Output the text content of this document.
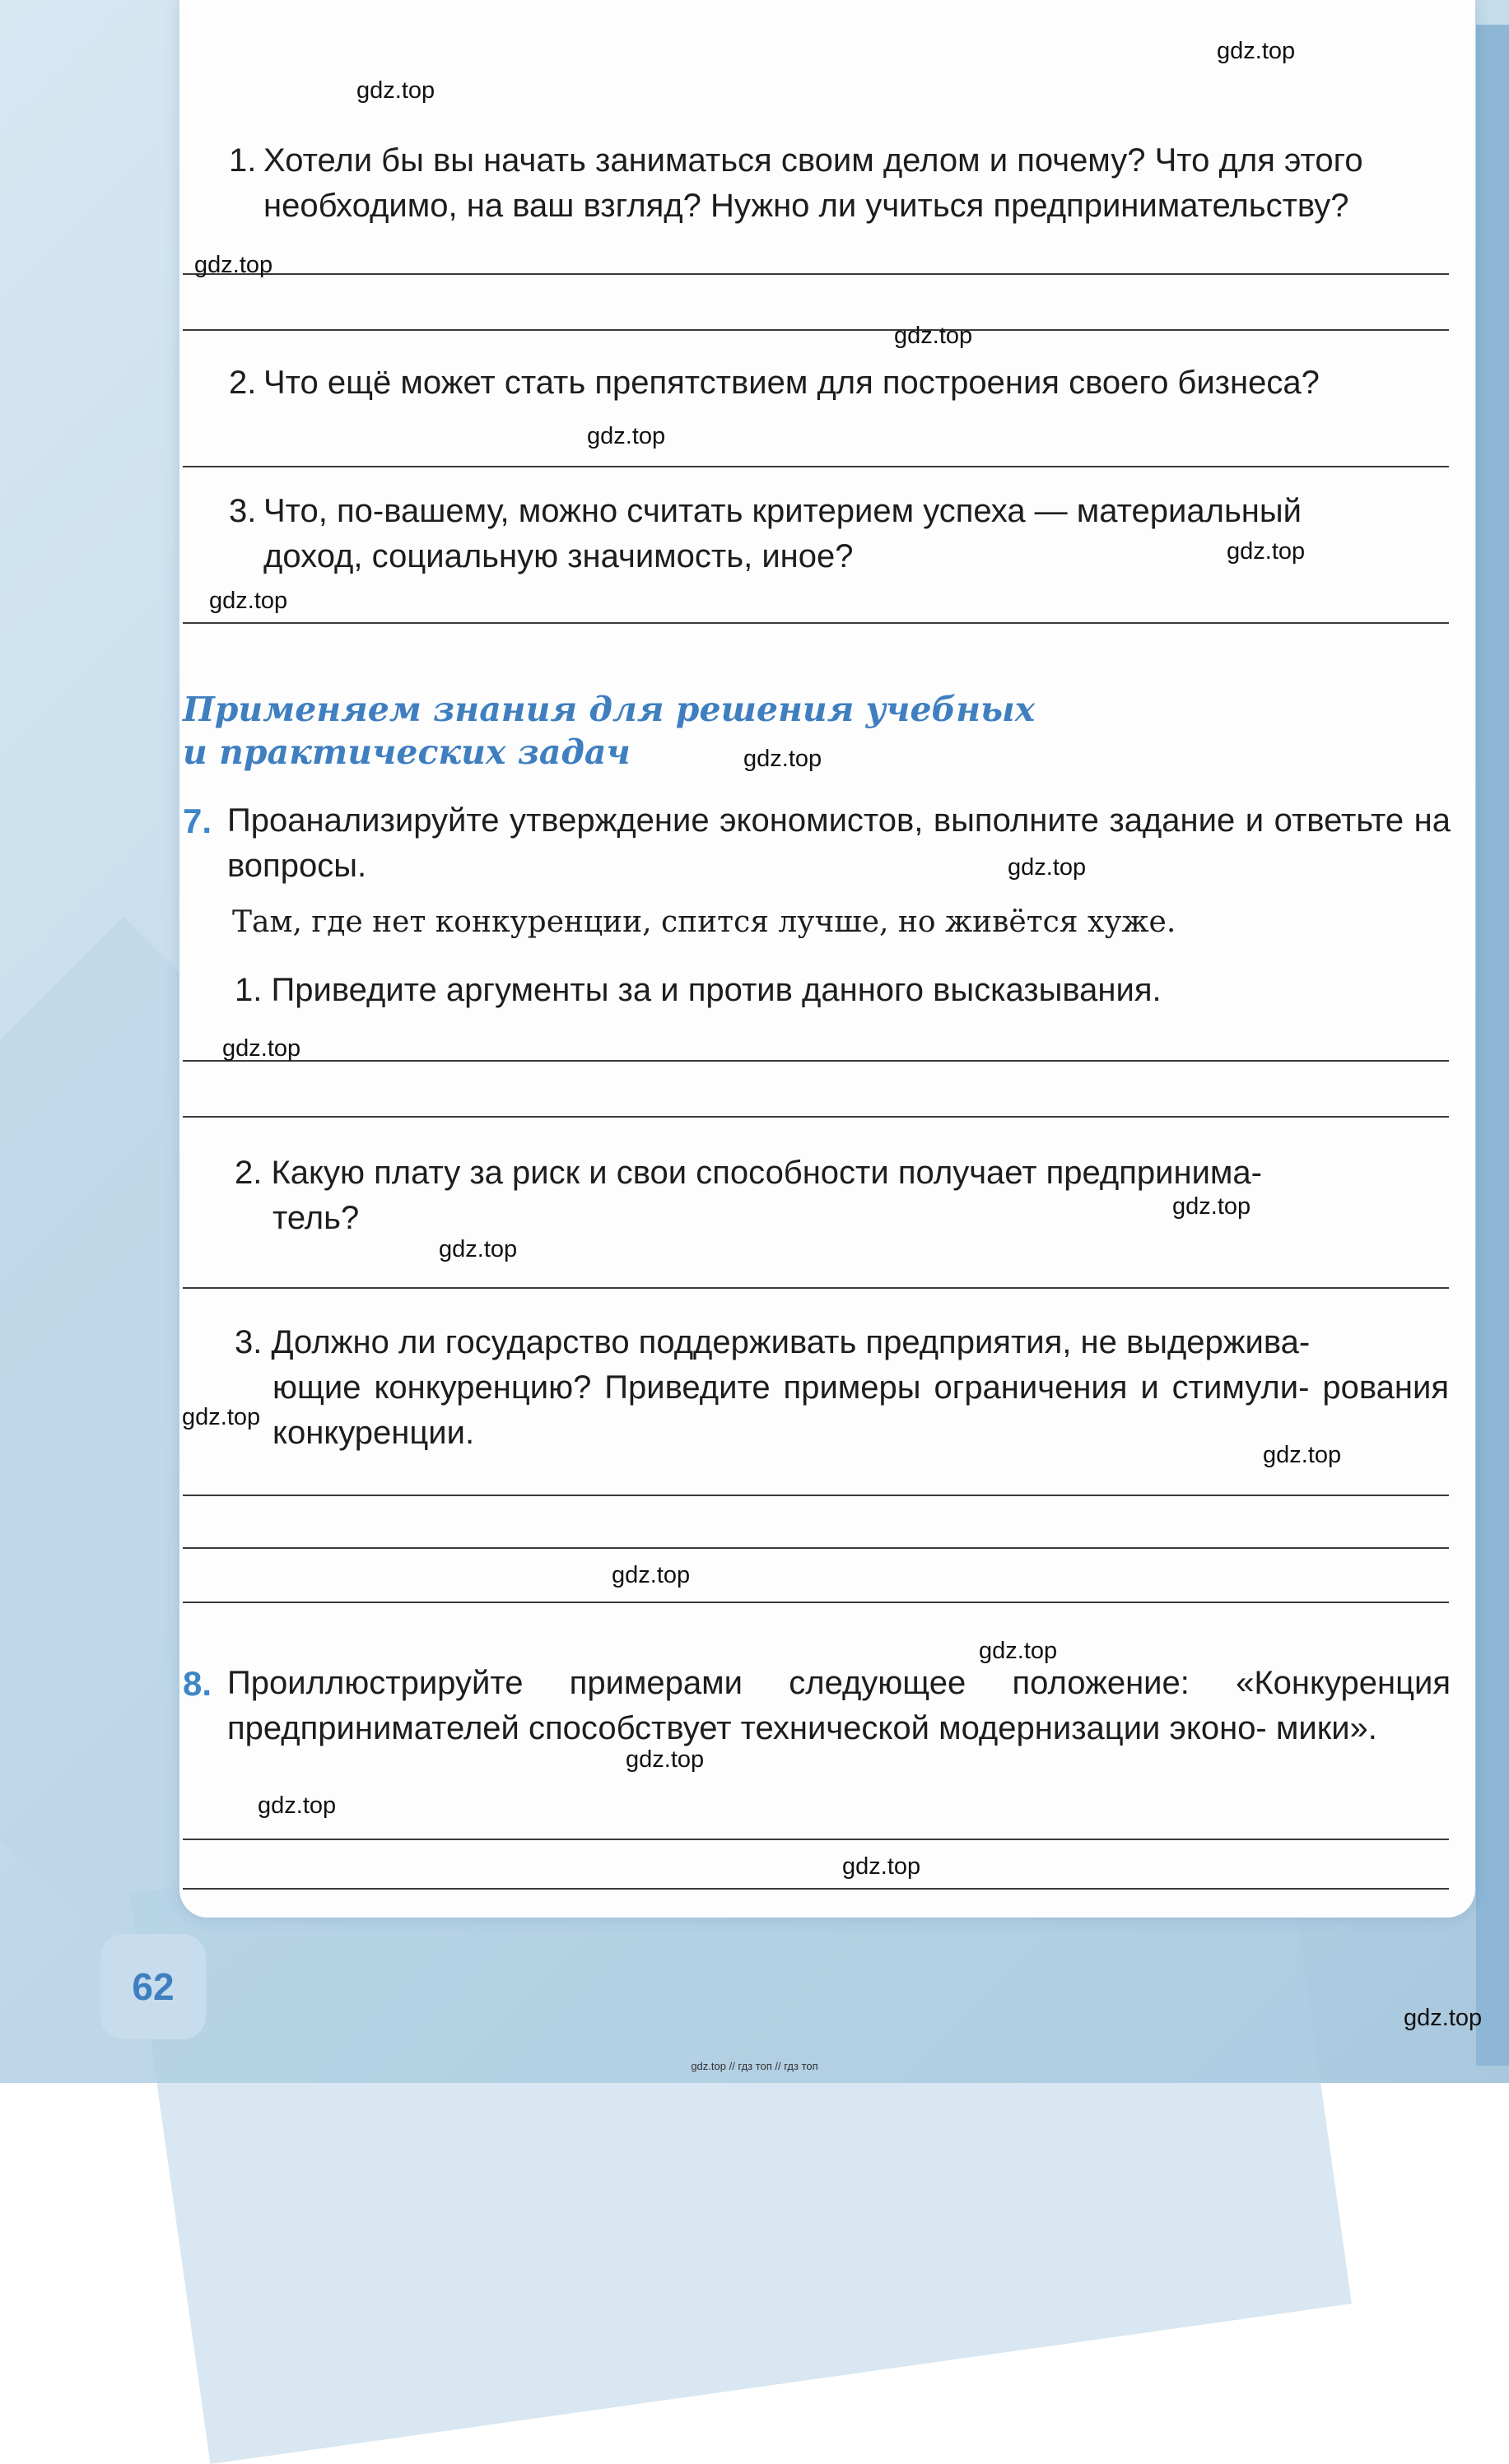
1. Хотели бы вы начать заниматься своим делом и почему? Что для этого
необходимо, на ваш взгляд? Нужно ли учиться предпринимательству?
2. Что ещё может стать препятствием для построения своего бизнеса?
3. Что, по-вашему, можно считать критерием успеха — материальный
доход, социальную значимость, иное?
Применяем знания для решения учебных
и практических задач
7. Проанализируйте утверждение экономистов, выполните задание и ответьте на вопросы.
Там, где нет конкуренции, спится лучше, но живётся хуже.
1. Приведите аргументы за и против данного высказывания.
2. Какую плату за риск и свои способности получает предпринима-
тель?
3. Должно ли государство поддерживать предприятия, не выдержива-
ющие конкуренцию? Приведите примеры ограничения и стимули- рования конкуренции.
8. Проиллюстрируйте примерами следующее положение: «Конкуренция предпринимателей способствует технической модернизации эконо- мики».
62
gdz.top
gdz.top
gdz.top
gdz.top
gdz.top
gdz.top
gdz.top
gdz.top
gdz.top
gdz.top
gdz.top
gdz.top
gdz.top
gdz.top
gdz.top
gdz.top
gdz.top
gdz.top
gdz.top
gdz.top
gdz.top // гдз топ // гдз топ
